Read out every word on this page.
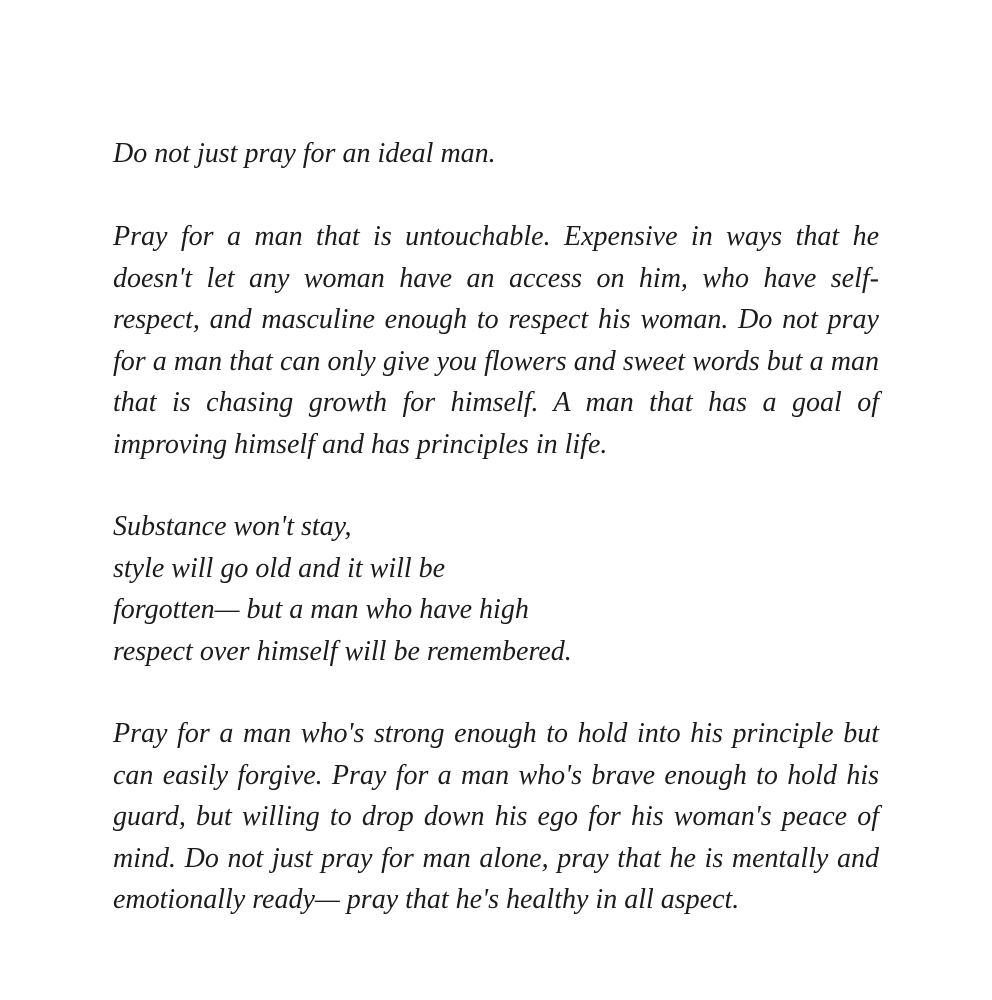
Do not just pray for an ideal man.

Pray for a man that is untouchable. Expensive in ways that he doesn't let any woman have an access on him, who have self-respect, and masculine enough to respect his woman. Do not pray for a man that can only give you flowers and sweet words but a man that is chasing growth for himself. A man that has a goal of improving himself and has principles in life.

Substance won't stay,
style will go old and it will be
forgotten— but a man who have high
respect over himself will be remembered.

Pray for a man who's strong enough to hold into his principle but can easily forgive. Pray for a man who's brave enough to hold his guard, but willing to drop down his ego for his woman's peace of mind. Do not just pray for man alone, pray that he is mentally and emotionally ready— pray that he's healthy in all aspect.
